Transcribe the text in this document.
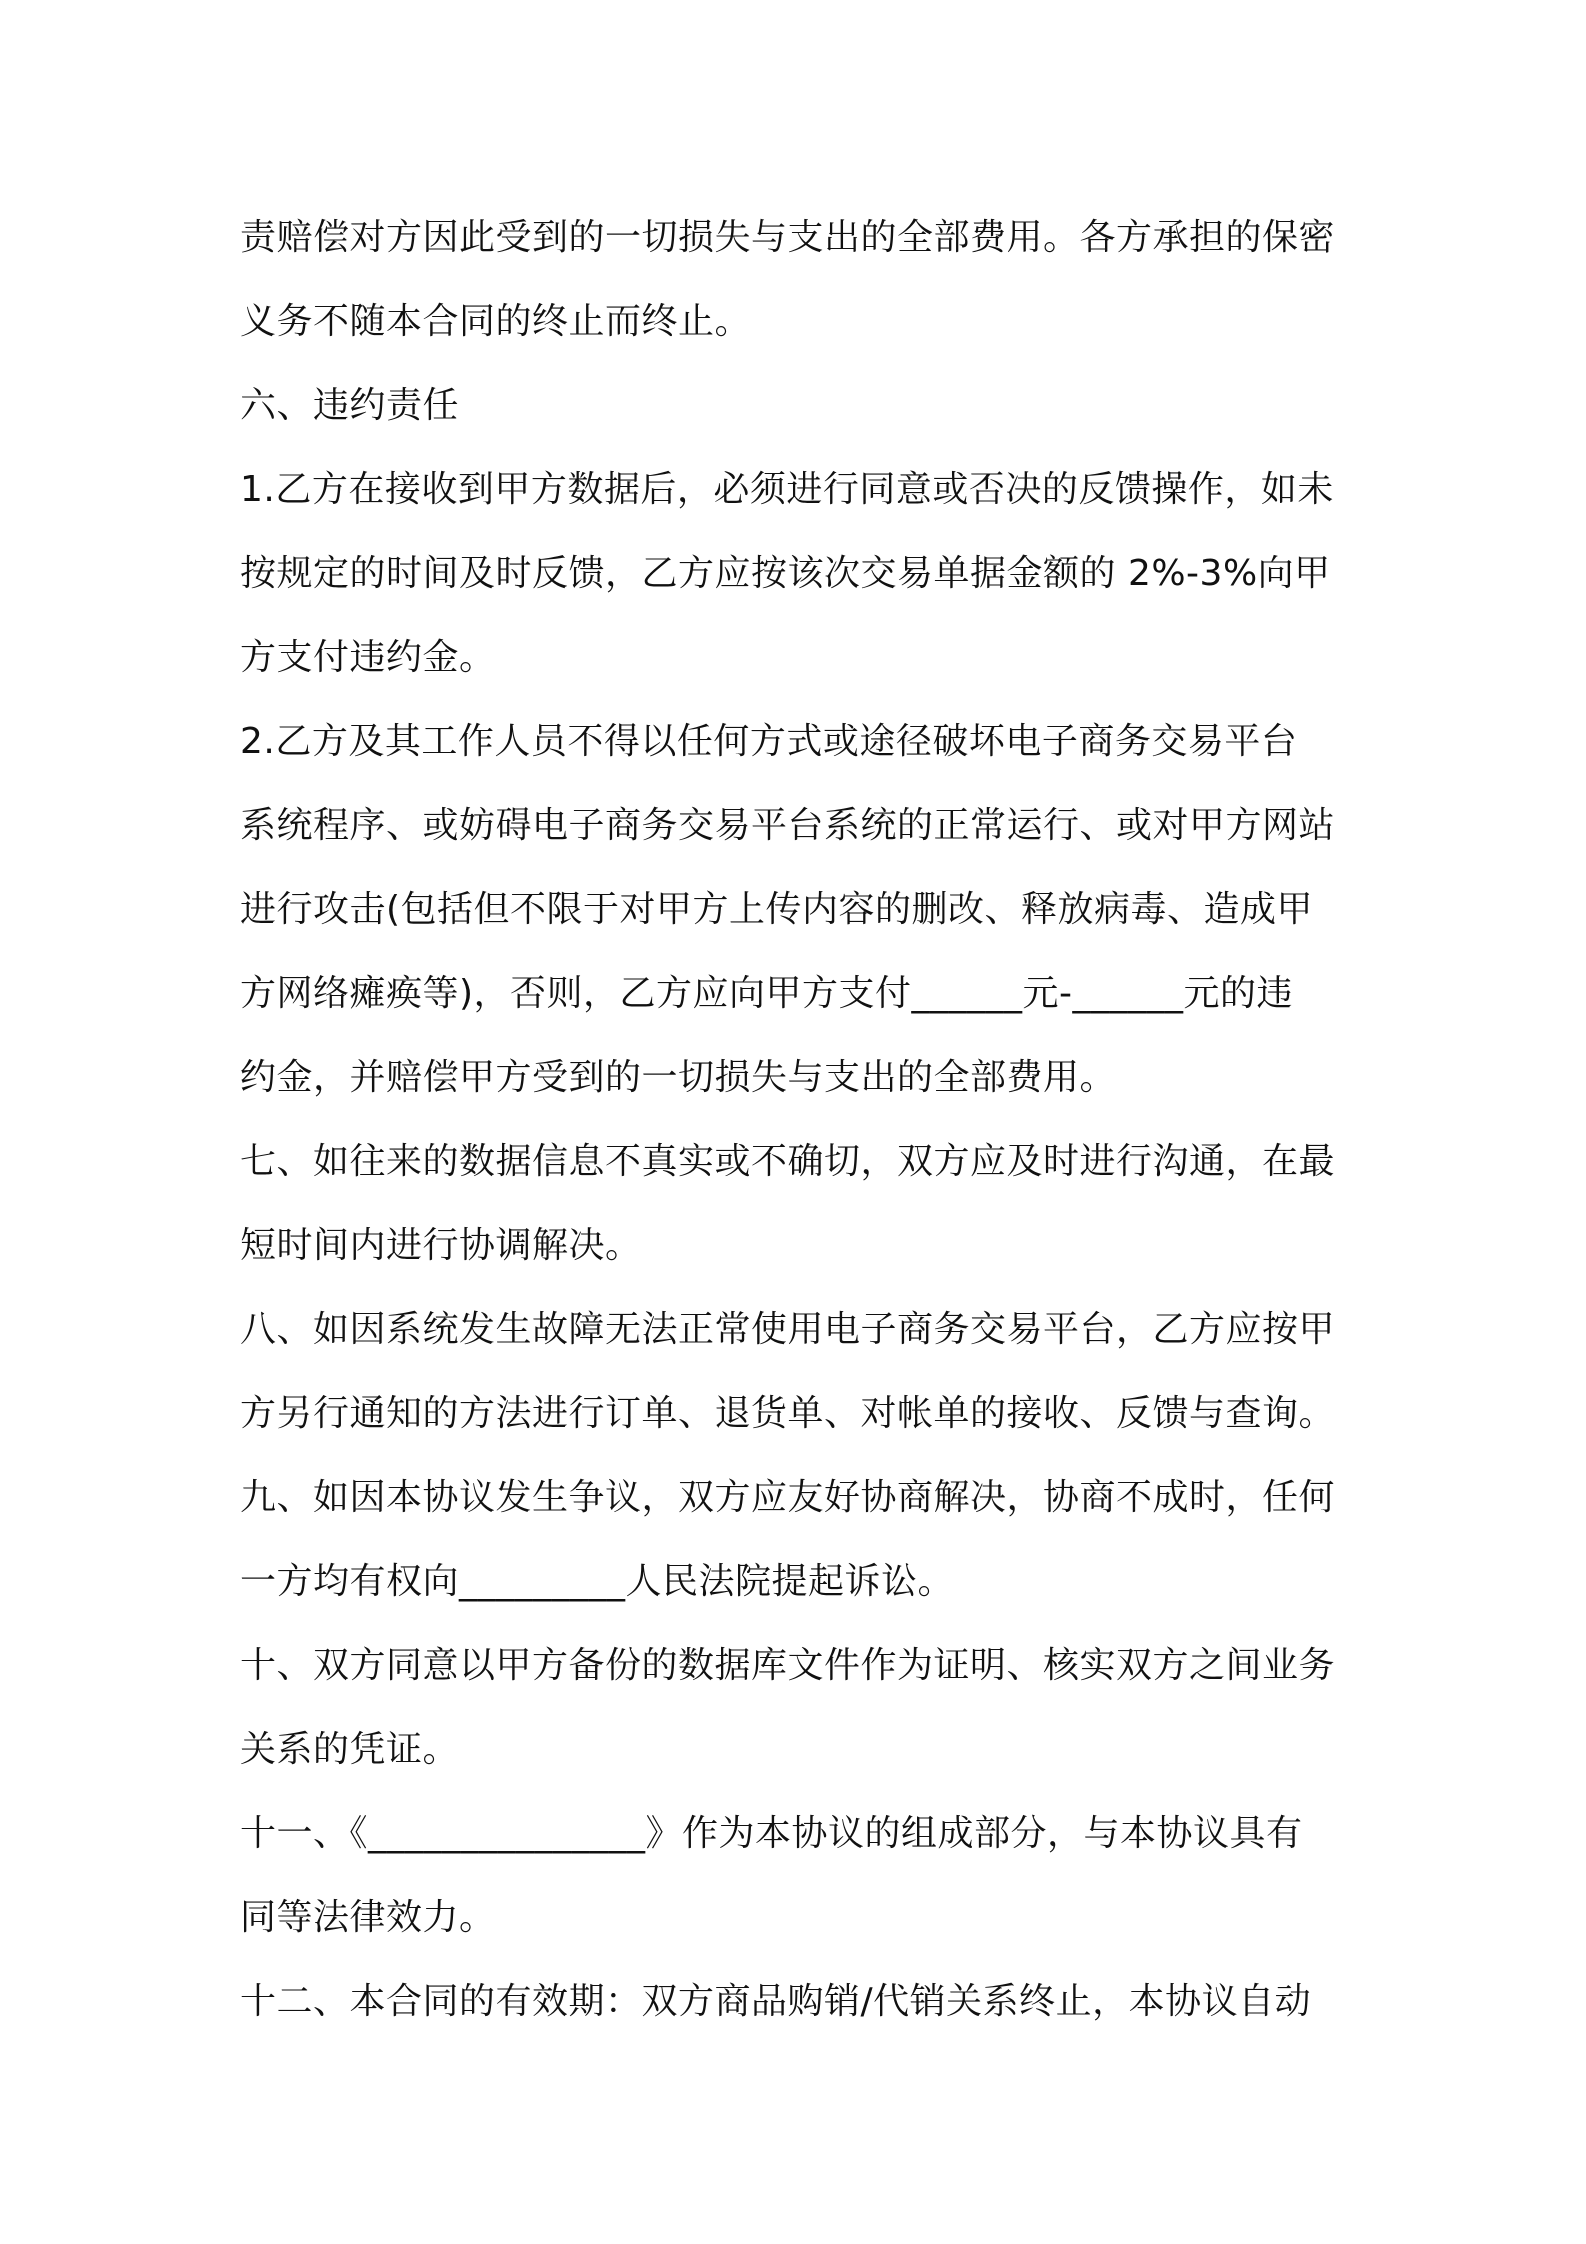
责赔偿对方因此受到的一切损失与支出的全部费用。各方承担的保密
义务不随本合同的终止而终止。
六、违约责任
1.乙方在接收到甲方数据后，必须进行同意或否决的反馈操作，如未
按规定的时间及时反馈，乙方应按该次交易单据金额的 2%-3%向甲
方支付违约金。
2.乙方及其工作人员不得以任何方式或途径破坏电子商务交易平台
系统程序、或妨碍电子商务交易平台系统的正常运行、或对甲方网站
进行攻击(包括但不限于对甲方上传内容的删改、释放病毒、造成甲
方网络瘫痪等)，否则，乙方应向甲方支付______元-______元的违
约金，并赔偿甲方受到的一切损失与支出的全部费用。
七、如往来的数据信息不真实或不确切，双方应及时进行沟通，在最
短时间内进行协调解决。
八、如因系统发生故障无法正常使用电子商务交易平台，乙方应按甲
方另行通知的方法进行订单、退货单、对帐单的接收、反馈与查询。
九、如因本协议发生争议，双方应友好协商解决，协商不成时，任何
一方均有权向_________人民法院提起诉讼。
十、双方同意以甲方备份的数据库文件作为证明、核实双方之间业务
关系的凭证。
十一、《_______________》作为本协议的组成部分，与本协议具有
同等法律效力。
十二、本合同的有效期：双方商品购销/代销关系终止，本协议自动
